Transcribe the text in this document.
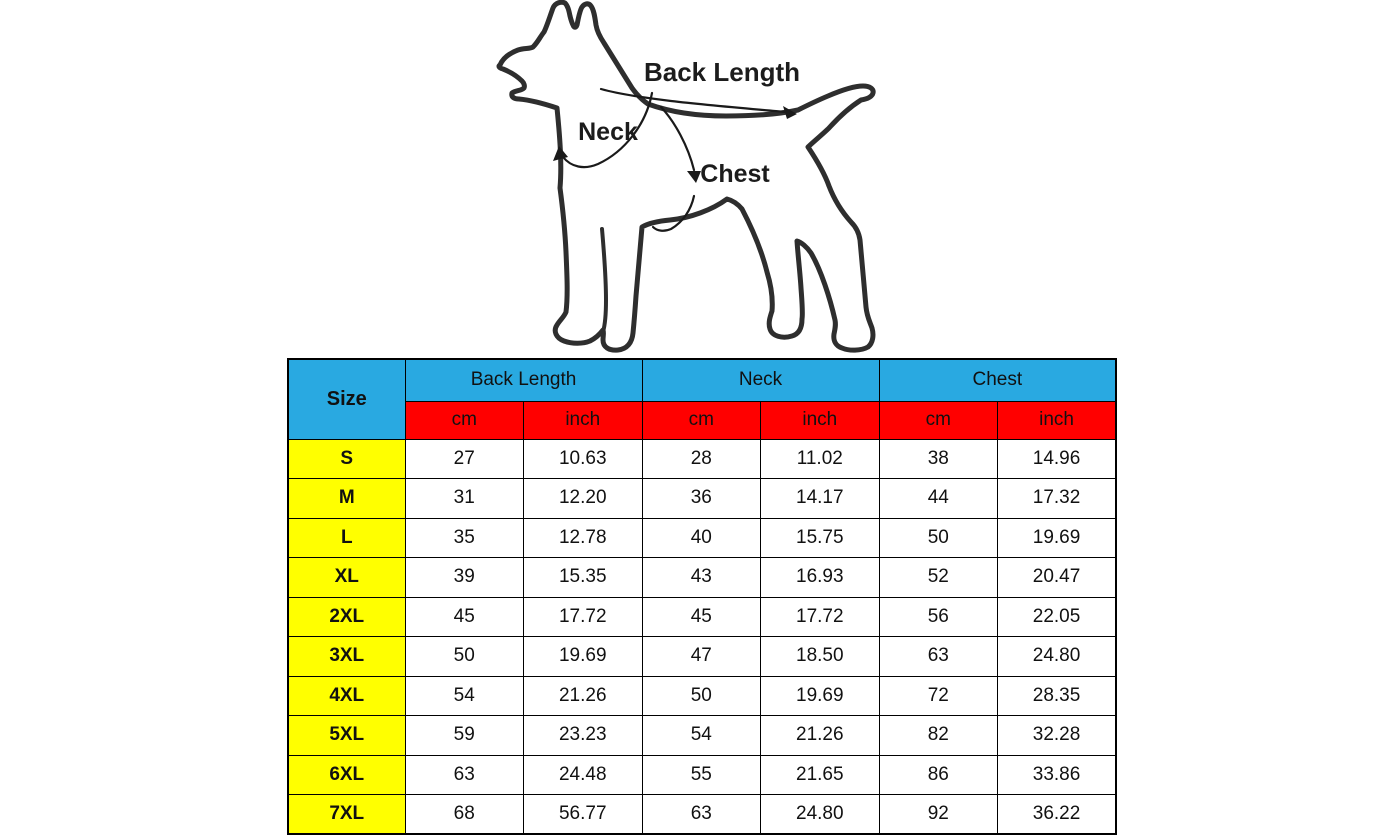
Back Length
Neck
Chest
Size	Back Length		Neck		Chest	
	cm	inch	cm	inch	cm	inch
S	27	10.63	28	11.02	38	14.96
M	31	12.20	36	14.17	44	17.32
L	35	12.78	40	15.75	50	19.69
XL	39	15.35	43	16.93	52	20.47
2XL	45	17.72	45	17.72	56	22.05
3XL	50	19.69	47	18.50	63	24.80
4XL	54	21.26	50	19.69	72	28.35
5XL	59	23.23	54	21.26	82	32.28
6XL	63	24.48	55	21.65	86	33.86
7XL	68	56.77	63	24.80	92	36.22
